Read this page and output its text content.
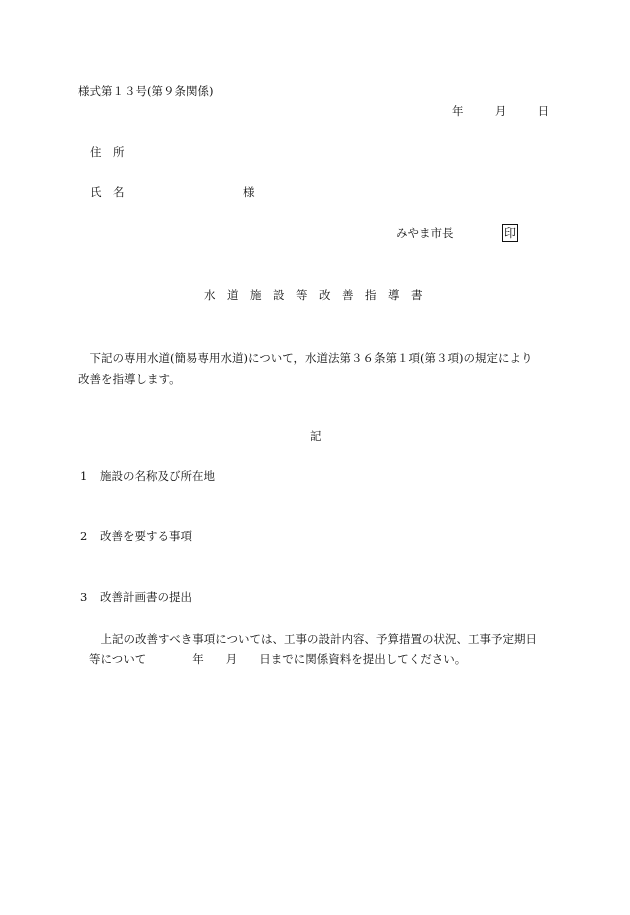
様式第１３号(第９条関係)
年	月	日
住　所
氏　名	様
みやま市長	印
水　道　施　設　等　改　善　指　導　書

　下記の専用水道(簡易専用水道)について，水道法第３６条第１項(第３項)の規定により

改善を指導します。

記
1 施設の名称及び所在地
2 改善を要する事項
3 改善計画書の提出

　上記の改善すべき事項については、工事の設計内容、予算措置の状況、工事予定期日

等について	年 月 日までに関係資料を提出してください。
